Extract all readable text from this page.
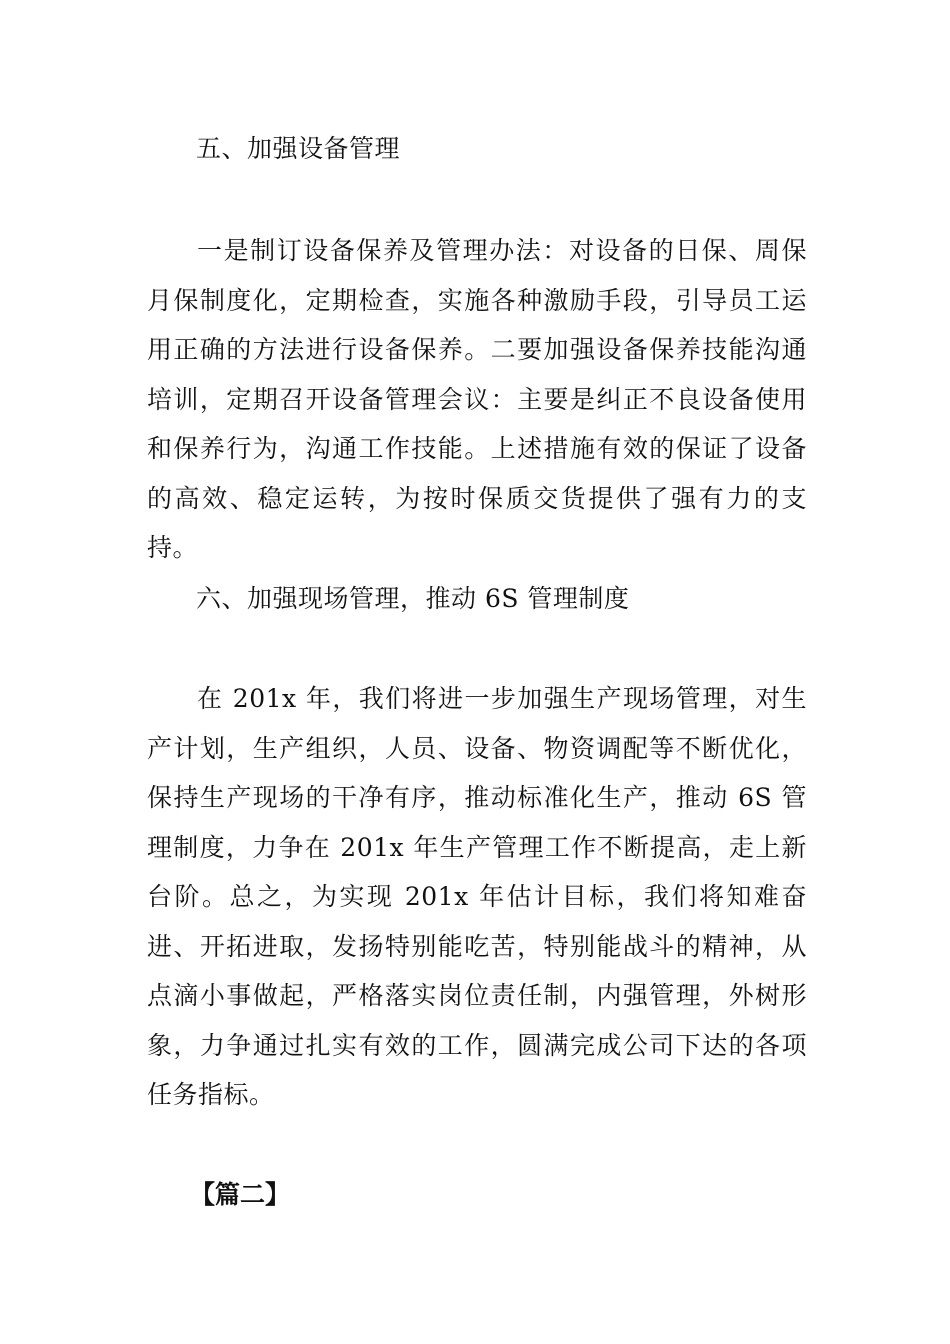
五、加强设备管理

一是制订设备保养及管理办法：对设备的日保、周保月保制度化，定期检查，实施各种激励手段，引导员工运用正确的方法进行设备保养。二要加强设备保养技能沟通培训，定期召开设备管理会议：主要是纠正不良设备使用和保养行为，沟通工作技能。上述措施有效的保证了设备的高效、稳定运转，为按时保质交货提供了强有力的支持。

六、加强现场管理，推动 6S 管理制度

在 201x 年，我们将进一步加强生产现场管理，对生产计划，生产组织，人员、设备、物资调配等不断优化，保持生产现场的干净有序，推动标准化生产，推动 6S 管理制度，力争在 201x 年生产管理工作不断提高，走上新台阶。总之，为实现 201x 年估计目标，我们将知难奋进、开拓进取，发扬特别能吃苦，特别能战斗的精神，从点滴小事做起，严格落实岗位责任制，内强管理，外树形象，力争通过扎实有效的工作，圆满完成公司下达的各项任务指标。

【篇二】
